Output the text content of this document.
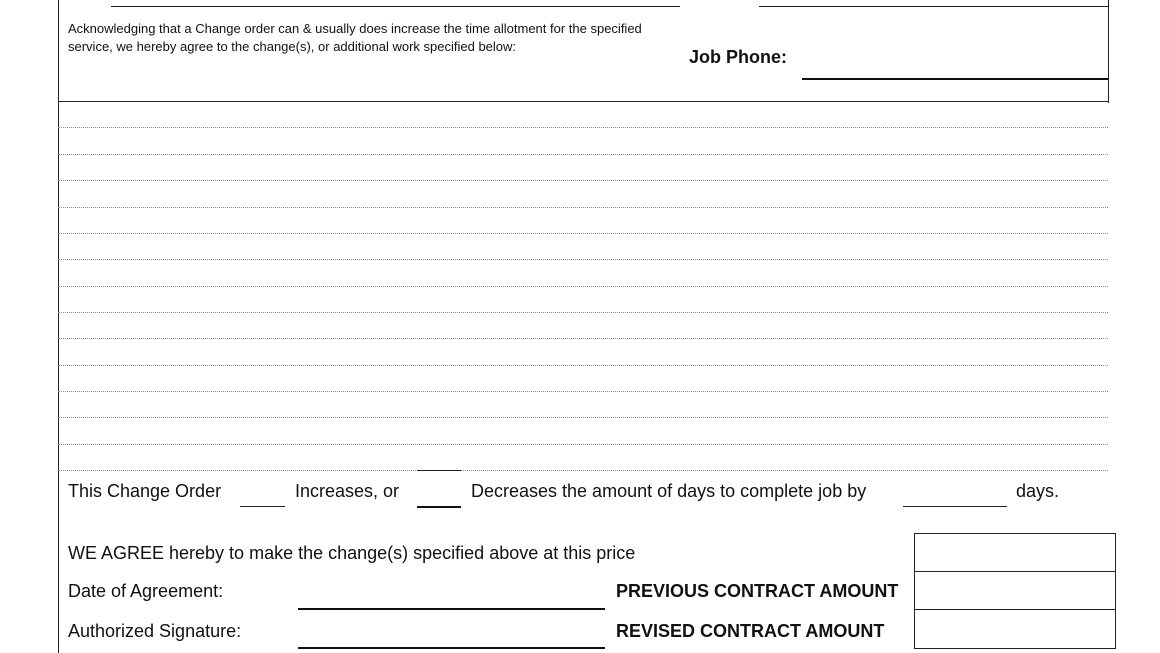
Acknowledging that a Change order can & usually does increase the time allotment for the specified service, we hereby agree to the change(s), or additional work specified below:
Job Phone:
This Change Order	Increases, or	Decreases the amount of days to complete job by	days.
WE AGREE hereby to make the change(s) specified above at this price
Date of Agreement:	PREVIOUS CONTRACT AMOUNT
Authorized Signature:	REVISED CONTRACT AMOUNT
